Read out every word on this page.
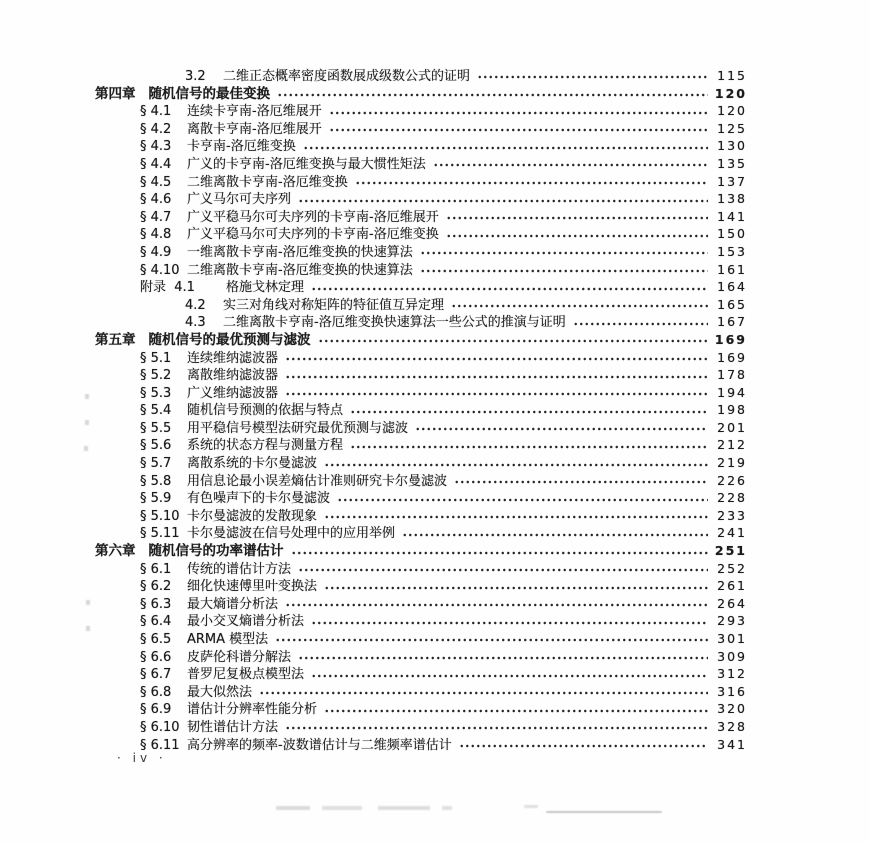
3.2	二维正态概率密度函数展成级数公式的证明	115
第四章 随机信号的最佳变换	120
§ 4.1	连续卡亨南-洛厄维展开	120
§ 4.2	离散卡亨南-洛厄维展开	125
§ 4.3	卡亨南-洛厄维变换	130
§ 4.4	广义的卡亨南-洛厄维变换与最大惯性矩法	135
§ 4.5	二维离散卡亨南-洛厄维变换	137
§ 4.6	广义马尔可夫序列	138
§ 4.7	广义平稳马尔可夫序列的卡亨南-洛厄维展开	141
§ 4.8	广义平稳马尔可夫序列的卡亨南-洛厄维变换	150
§ 4.9	一维离散卡亨南-洛厄维变换的快速算法	153
§ 4.10 二维离散卡亨南-洛厄维变换的快速算法	161
附录  4.1	格施戈林定理	164
4.2	实三对角线对称矩阵的特征值互异定理	165
4.3	二维离散卡亨南-洛厄维变换快速算法一些公式的推演与证明	167
第五章 随机信号的最优预测与滤波	169
§ 5.1	连续维纳滤波器	169
§ 5.2	离散维纳滤波器	178
§ 5.3	广义维纳滤波器	194
§ 5.4	随机信号预测的依据与特点	198
§ 5.5	用平稳信号模型法研究最优预测与滤波	201
§ 5.6	系统的状态方程与测量方程	212
§ 5.7	离散系统的卡尔曼滤波	219
§ 5.8	用信息论最小误差熵估计准则研究卡尔曼滤波	226
§ 5.9	有色噪声下的卡尔曼滤波	228
§ 5.10 卡尔曼滤波的发散现象	233
§ 5.11 卡尔曼滤波在信号处理中的应用举例	241
第六章 随机信号的功率谱估计	251
§ 6.1	传统的谱估计方法	252
§ 6.2	细化快速傅里叶变换法	261
§ 6.3	最大熵谱分析法	264
§ 6.4	最小交叉熵谱分析法	293
§ 6.5	ARMA 模型法	301
§ 6.6	皮萨伦科谱分解法	309
§ 6.7	普罗尼复极点模型法	312
§ 6.8	最大似然法	316
§ 6.9	谱估计分辨率性能分析	320
§ 6.10 韧性谱估计方法	328
§ 6.11 高分辨率的频率-波数谱估计与二维频率谱估计	341
· iv ·
